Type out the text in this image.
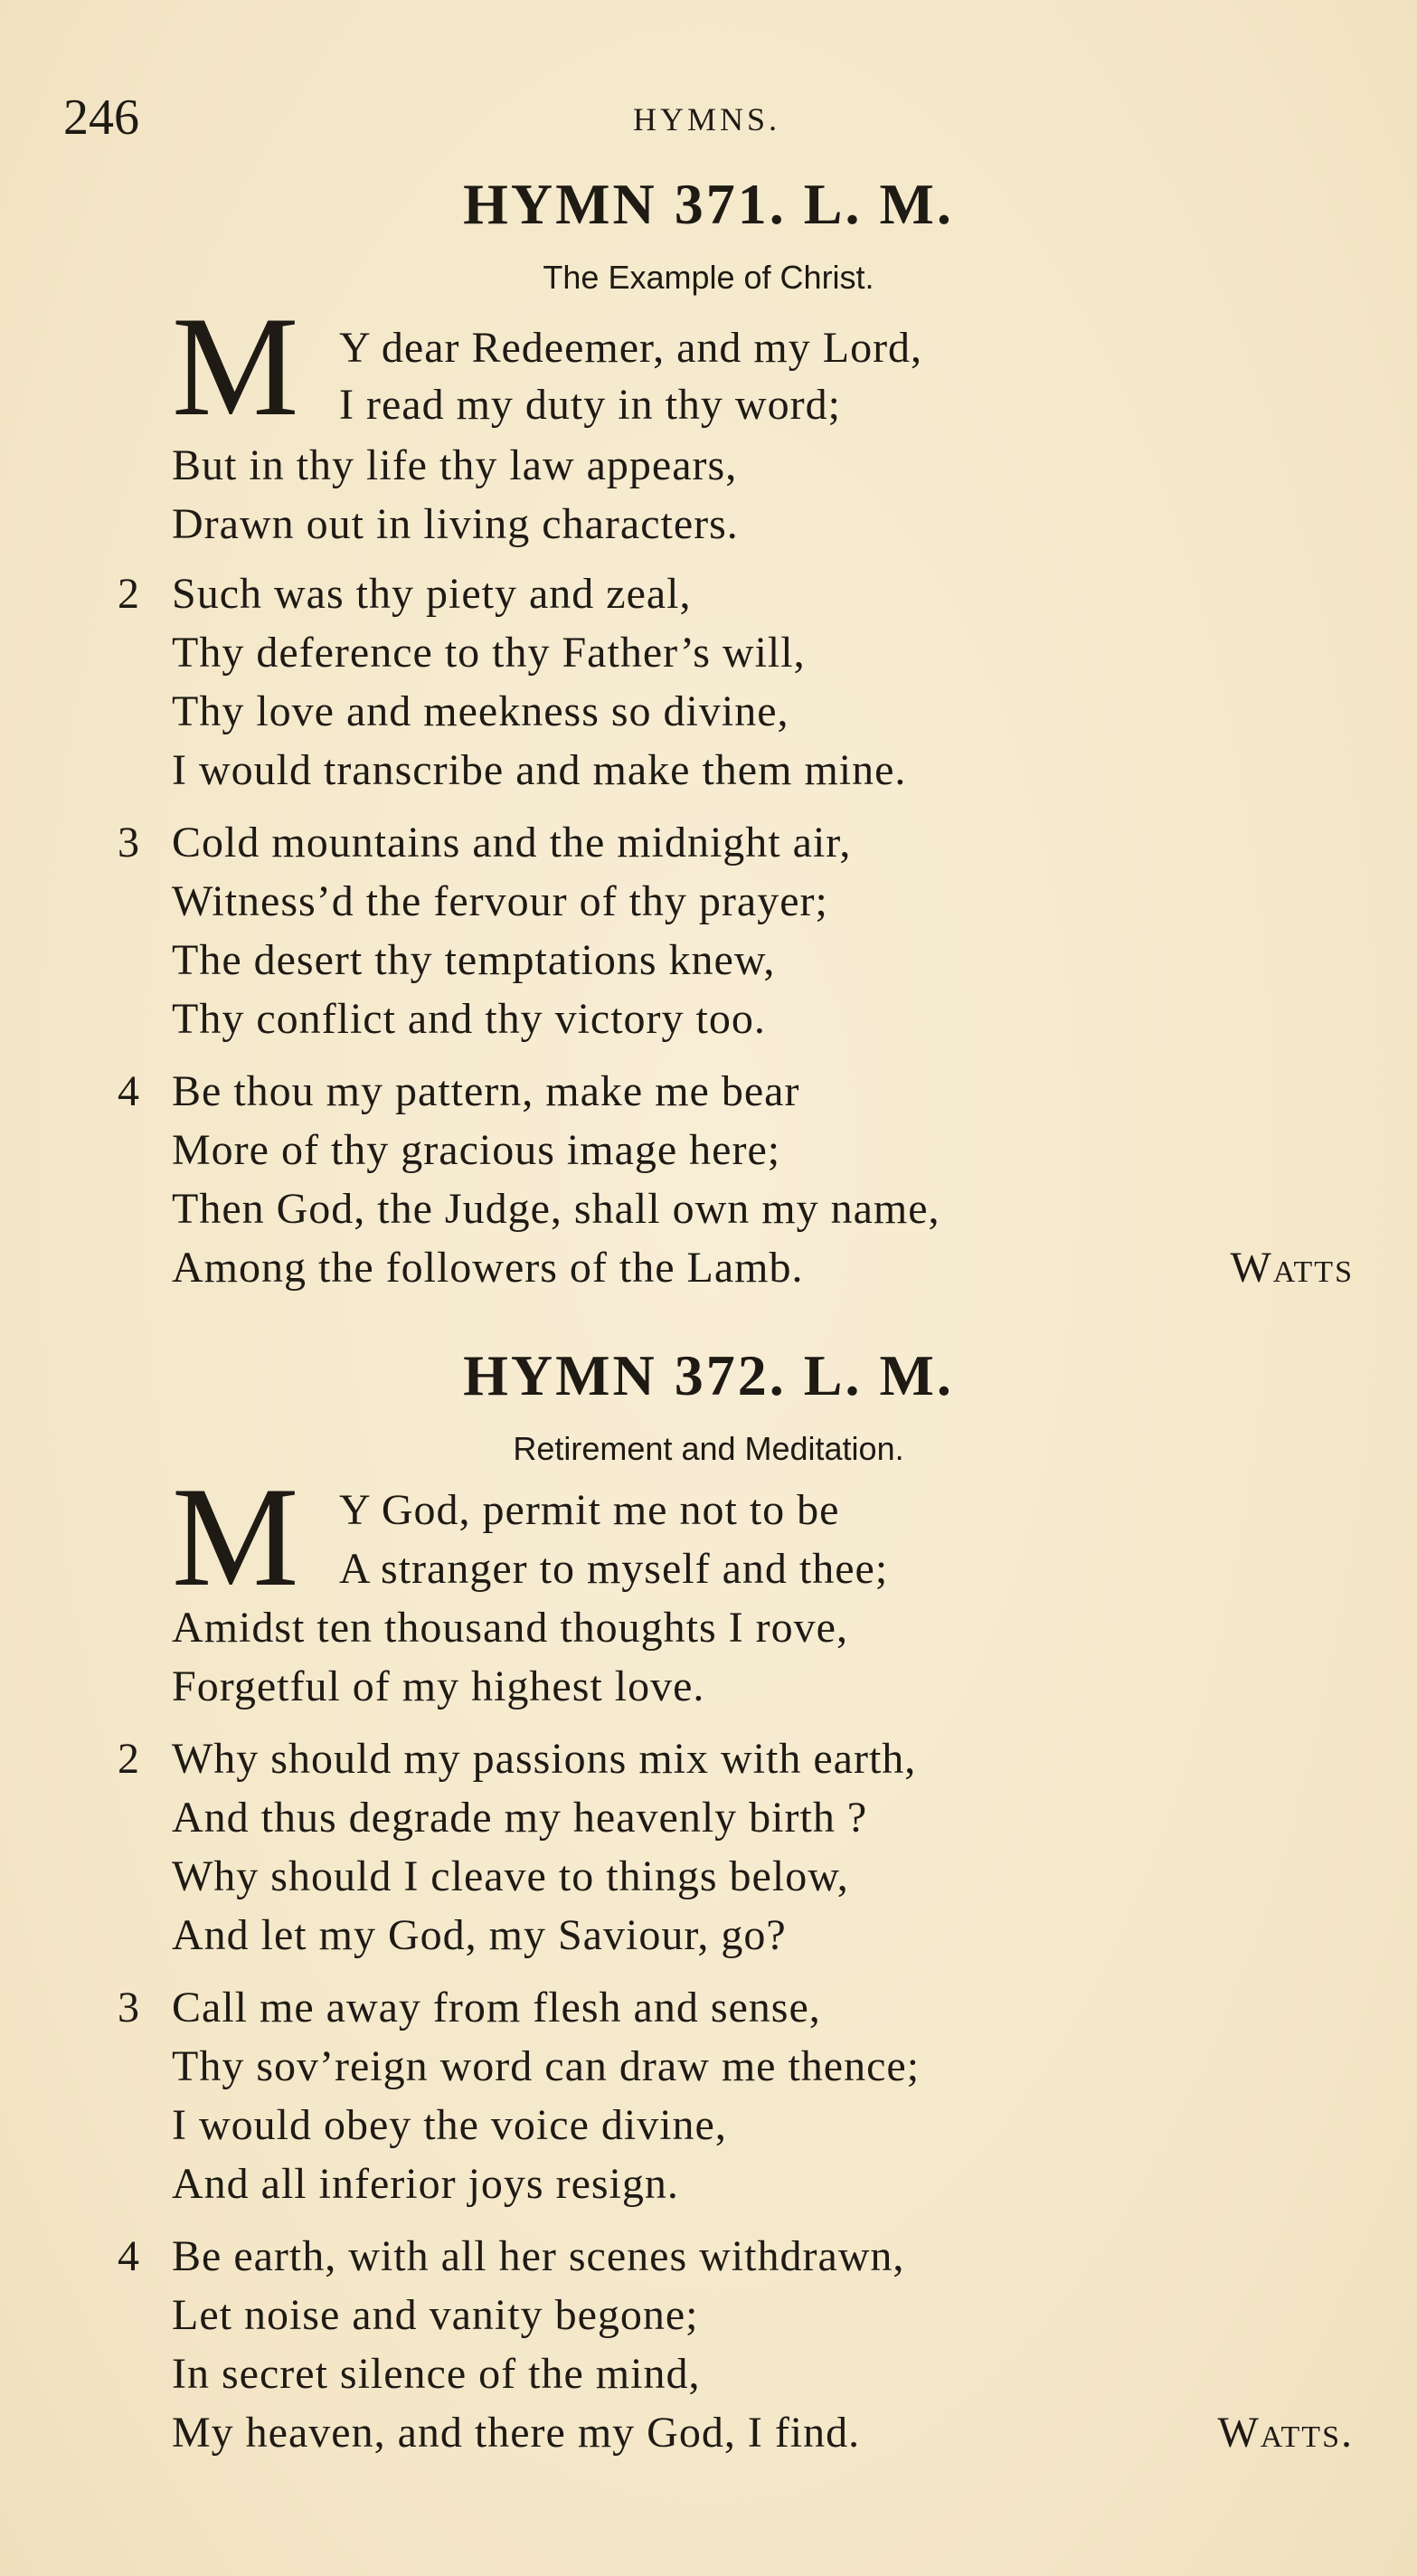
246	HYMNS.
HYMN 371. L. M.
The Example of Christ.
M Y dear Redeemer, and my Lord,
I read my duty in thy word;
But in thy life thy law appears,
Drawn out in living characters.
2 Such was thy piety and zeal,
Thy deference to thy Father’s will,
Thy love and meekness so divine,
I would transcribe and make them mine.
3 Cold mountains and the midnight air,
Witness’d the fervour of thy prayer;
The desert thy temptations knew,
Thy conflict and thy victory too.
4 Be thou my pattern, make me bear
More of thy gracious image here;
Then God, the Judge, shall own my name,
Among the followers of the Lamb.	Watts
HYMN 372. L. M.
Retirement and Meditation.
M Y God, permit me not to be
A stranger to myself and thee;
Amidst ten thousand thoughts I rove,
Forgetful of my highest love.
2 Why should my passions mix with earth,
And thus degrade my heavenly birth ?
Why should I cleave to things below,
And let my God, my Saviour, go?
3 Call me away from flesh and sense,
Thy sov’reign word can draw me thence;
I would obey the voice divine,
And all inferior joys resign.
4 Be earth, with all her scenes withdrawn,
Let noise and vanity begone;
In secret silence of the mind,
My heaven, and there my God, I find.	Watts.
